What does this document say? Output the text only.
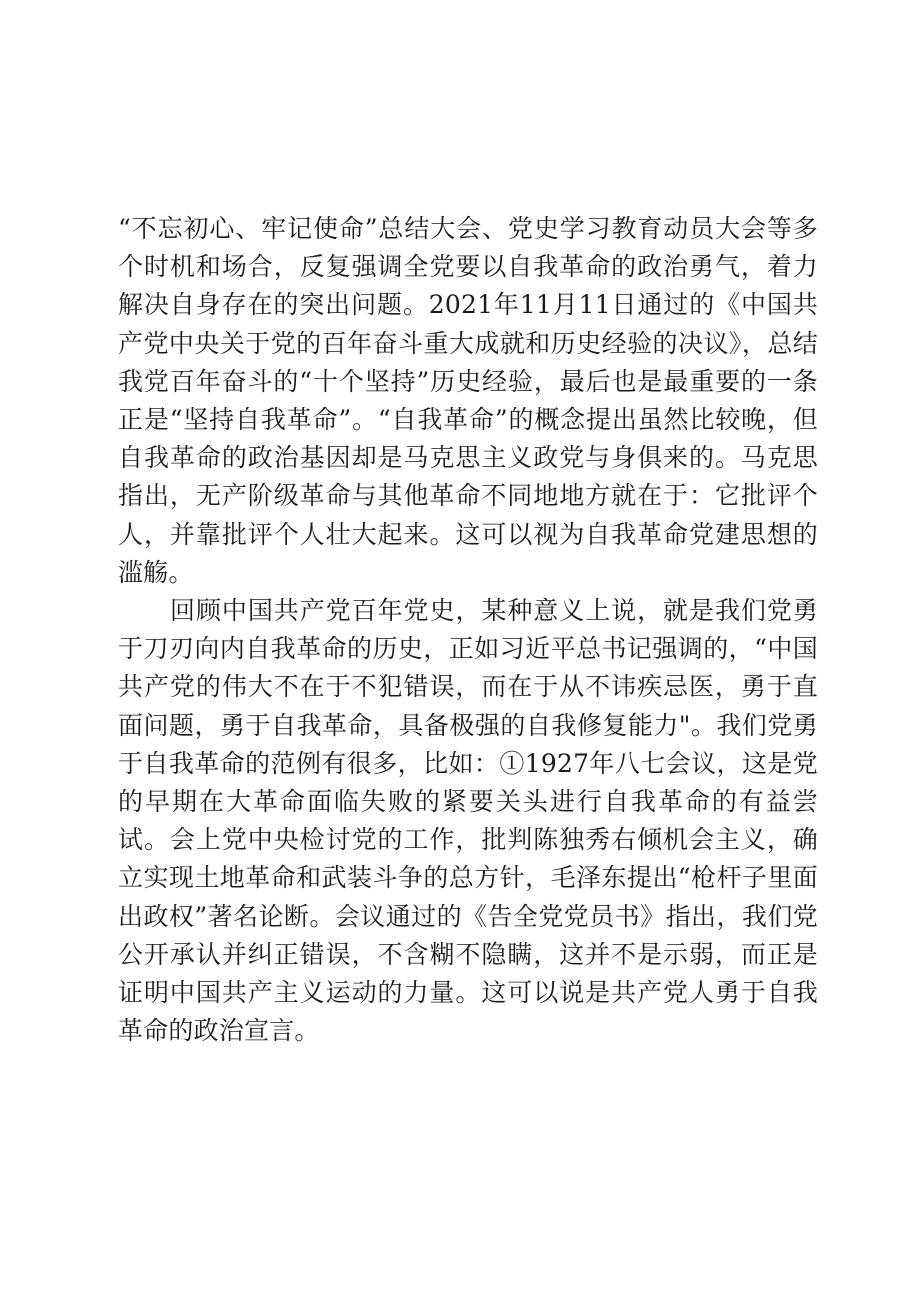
“不忘初心、牢记使命”总结大会、党史学习教育动员大会等多个时机和场合，反复强调全党要以自我革命的政治勇气，着力解决自身存在的突出问题。2021年11月11日通过的《中国共产党中央关于党的百年奋斗重大成就和历史经验的决议》，总结我党百年奋斗的“十个坚持”历史经验，最后也是最重要的一条正是“坚持自我革命”。“自我革命”的概念提出虽然比较晚，但自我革命的政治基因却是马克思主义政党与身俱来的。马克思指出，无产阶级革命与其他革命不同地地方就在于：它批评个人，并靠批评个人壮大起来。这可以视为自我革命党建思想的滥觞。

回顾中国共产党百年党史，某种意义上说，就是我们党勇于刀刃向内自我革命的历史，正如习近平总书记强调的，“中国共产党的伟大不在于不犯错误，而在于从不讳疾忌医，勇于直面问题，勇于自我革命，具备极强的自我修复能力"。我们党勇于自我革命的范例有很多，比如：①1927年八七会议，这是党的早期在大革命面临失败的紧要关头进行自我革命的有益尝试。会上党中央检讨党的工作，批判陈独秀右倾机会主义，确立实现土地革命和武装斗争的总方针，毛泽东提出“枪杆子里面出政权”著名论断。会议通过的《告全党党员书》指出，我们党公开承认并纠正错误，不含糊不隐瞒，这并不是示弱，而正是证明中国共产主义运动的力量。这可以说是共产党人勇于自我革命的政治宣言。
